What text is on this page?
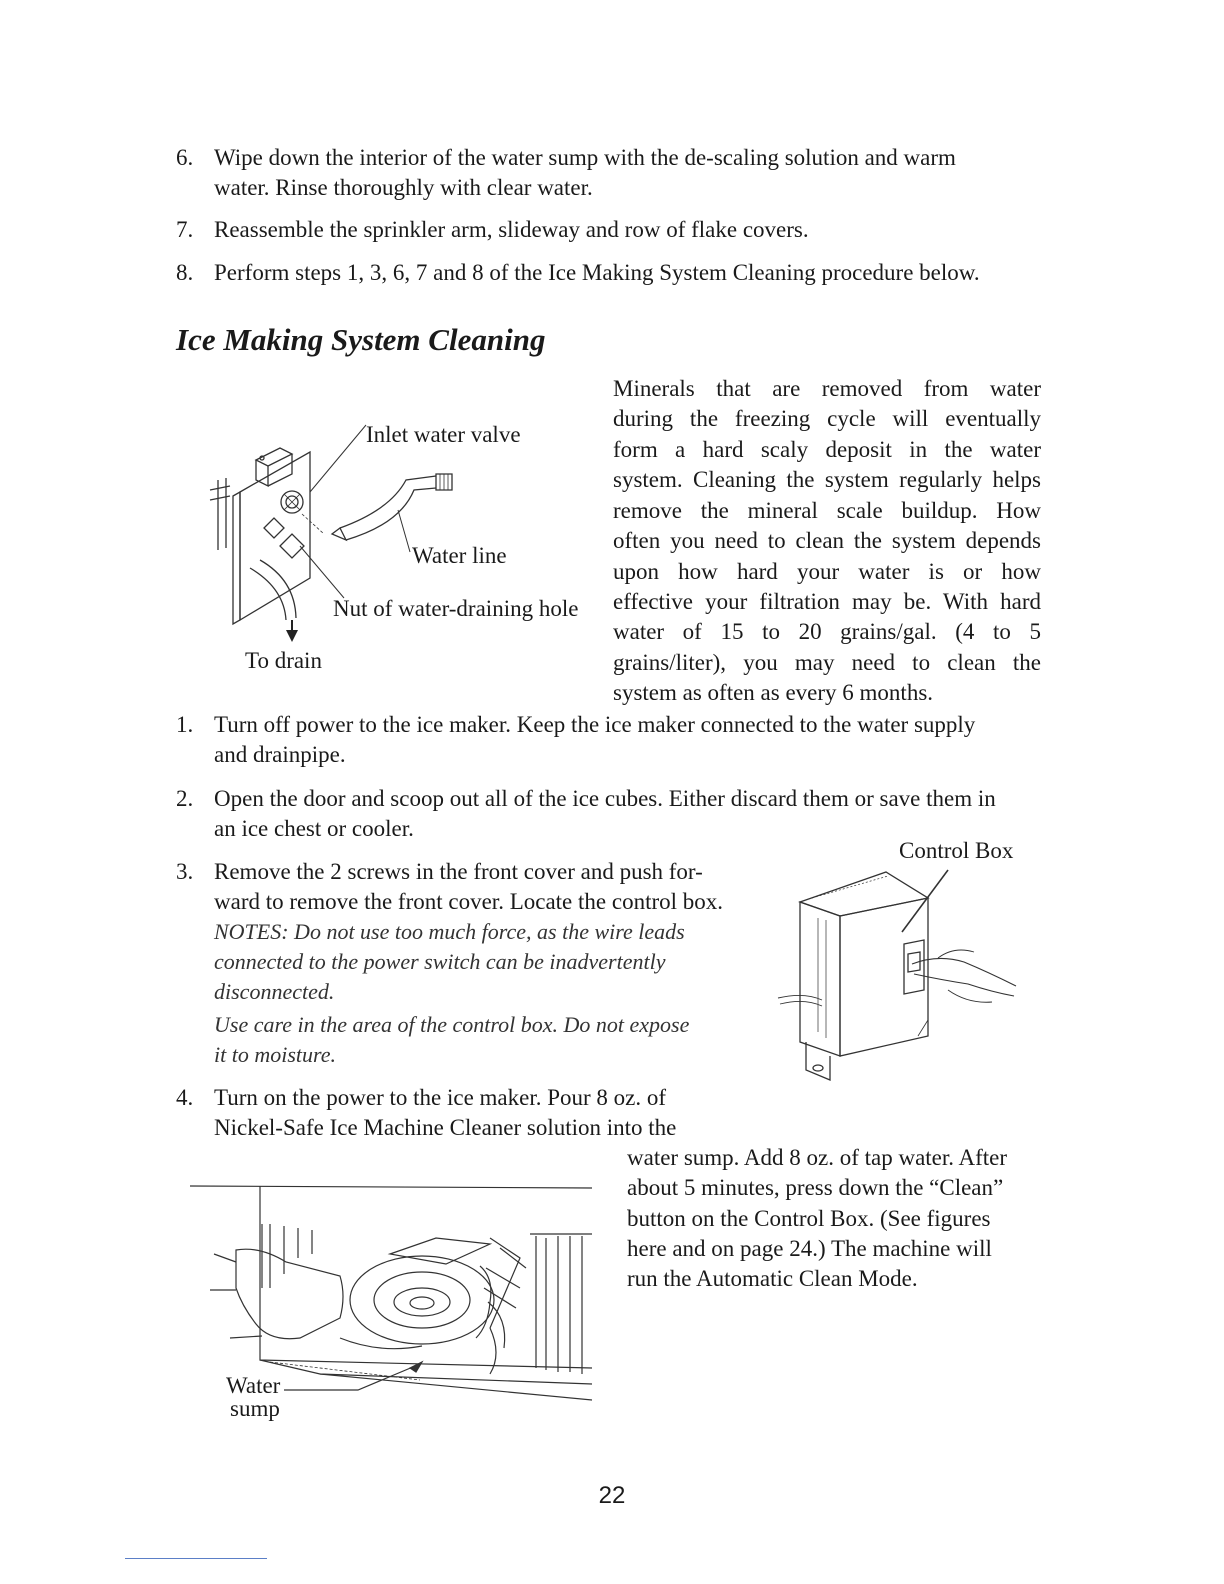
6. Wipe down the interior of the water sump with the de-scaling solution and warm
water. Rinse thoroughly with clear water.
7. Reassemble the sprinkler arm, slideway and row of flake covers.
8. Perform steps 1, 3, 6, 7 and 8 of the Ice Making System Cleaning procedure below.
Ice Making System Cleaning
Minerals that are removed from water
during the freezing cycle will eventually
form a hard scaly deposit in the water
system. Cleaning the system regularly helps
remove the mineral scale buildup. How
often you need to clean the system depends
upon how hard your water is or how
effective your filtration may be. With hard
water of 15 to 20 grains/gal. (4 to 5
grains/liter), you may need to clean the
system as often as every 6 months.
Inlet water valve
Water line
Nut of water-draining hole
To drain
1. Turn off power to the ice maker. Keep the ice maker connected to the water supply
and drainpipe.
2. Open the door and scoop out all of the ice cubes. Either discard them or save them in
an ice chest or cooler.
3. Remove the 2 screws in the front cover and push for-
ward to remove the front cover. Locate the control box.
NOTES: Do not use too much force, as the wire leads
connected to the power switch can be inadvertently
disconnected.
Use care in the area of the control box. Do not expose
it to moisture.
Control Box
4. Turn on the power to the ice maker. Pour 8 oz. of
Nickel-Safe Ice Machine Cleaner solution into the
water sump. Add 8 oz. of tap water. After
about 5 minutes, press down the “Clean”
button on the Control Box. (See figures
here and on page 24.) The machine will
run the Automatic Clean Mode.
Water
sump
22
